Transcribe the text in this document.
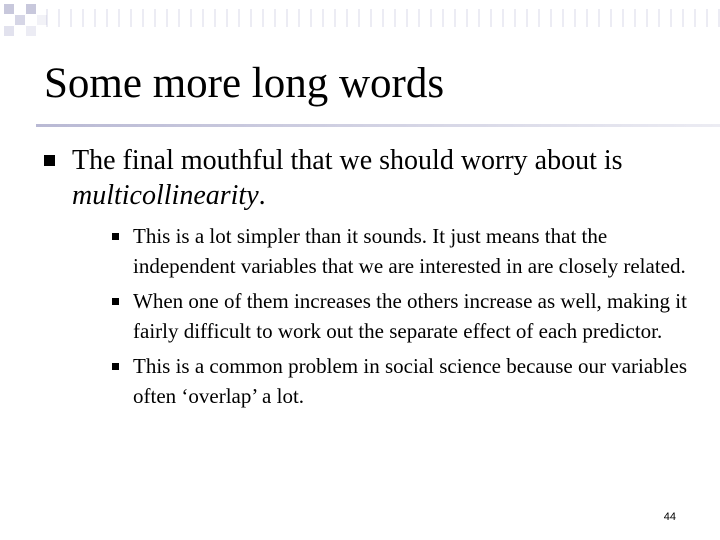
Some more long words
The final mouthful that we should worry about is multicollinearity.
This is a lot simpler than it sounds. It just means that the independent variables that we are interested in are closely related.
When one of them increases the others increase as well, making it fairly difficult to work out the separate effect of each predictor.
This is a common problem in social science because our variables often ‘overlap’ a lot.
44
